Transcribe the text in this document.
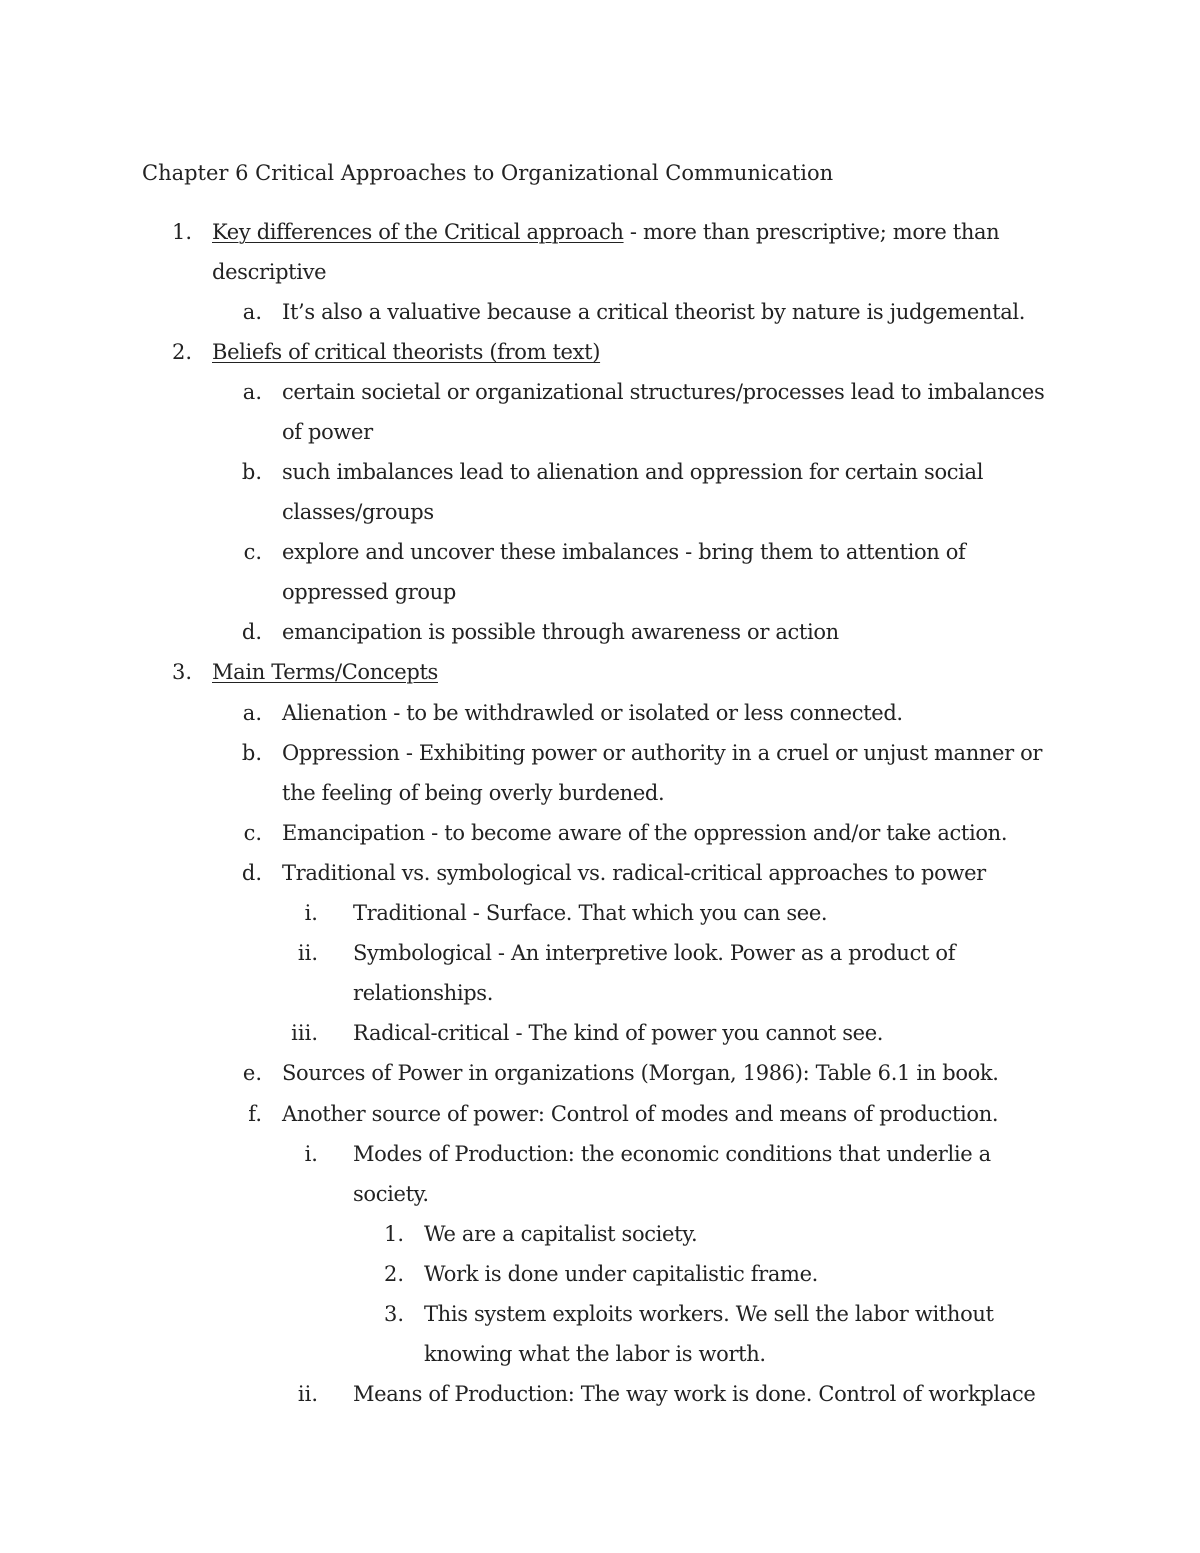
Chapter 6 Critical Approaches to Organizational Communication
1. Key differences of the Critical approach - more than prescriptive; more than
descriptive
a. It’s also a valuative because a critical theorist by nature is judgemental.
2. Beliefs of critical theorists (from text)
a. certain societal or organizational structures/processes lead to imbalances
of power
b. such imbalances lead to alienation and oppression for certain social
classes/groups
c. explore and uncover these imbalances - bring them to attention of
oppressed group
d. emancipation is possible through awareness or action
3. Main Terms/Concepts
a. Alienation - to be withdrawled or isolated or less connected.
b. Oppression - Exhibiting power or authority in a cruel or unjust manner or
the feeling of being overly burdened.
c. Emancipation - to become aware of the oppression and/or take action.
d. Traditional vs. symbological vs. radical-critical approaches to power
i. Traditional - Surface. That which you can see.
ii. Symbological - An interpretive look. Power as a product of
relationships.
iii. Radical-critical - The kind of power you cannot see.
e. Sources of Power in organizations (Morgan, 1986): Table 6.1 in book.
f. Another source of power: Control of modes and means of production.
i. Modes of Production: the economic conditions that underlie a
society.
1. We are a capitalist society.
2. Work is done under capitalistic frame.
3. This system exploits workers. We sell the labor without
knowing what the labor is worth.
ii. Means of Production: The way work is done. Control of workplace
